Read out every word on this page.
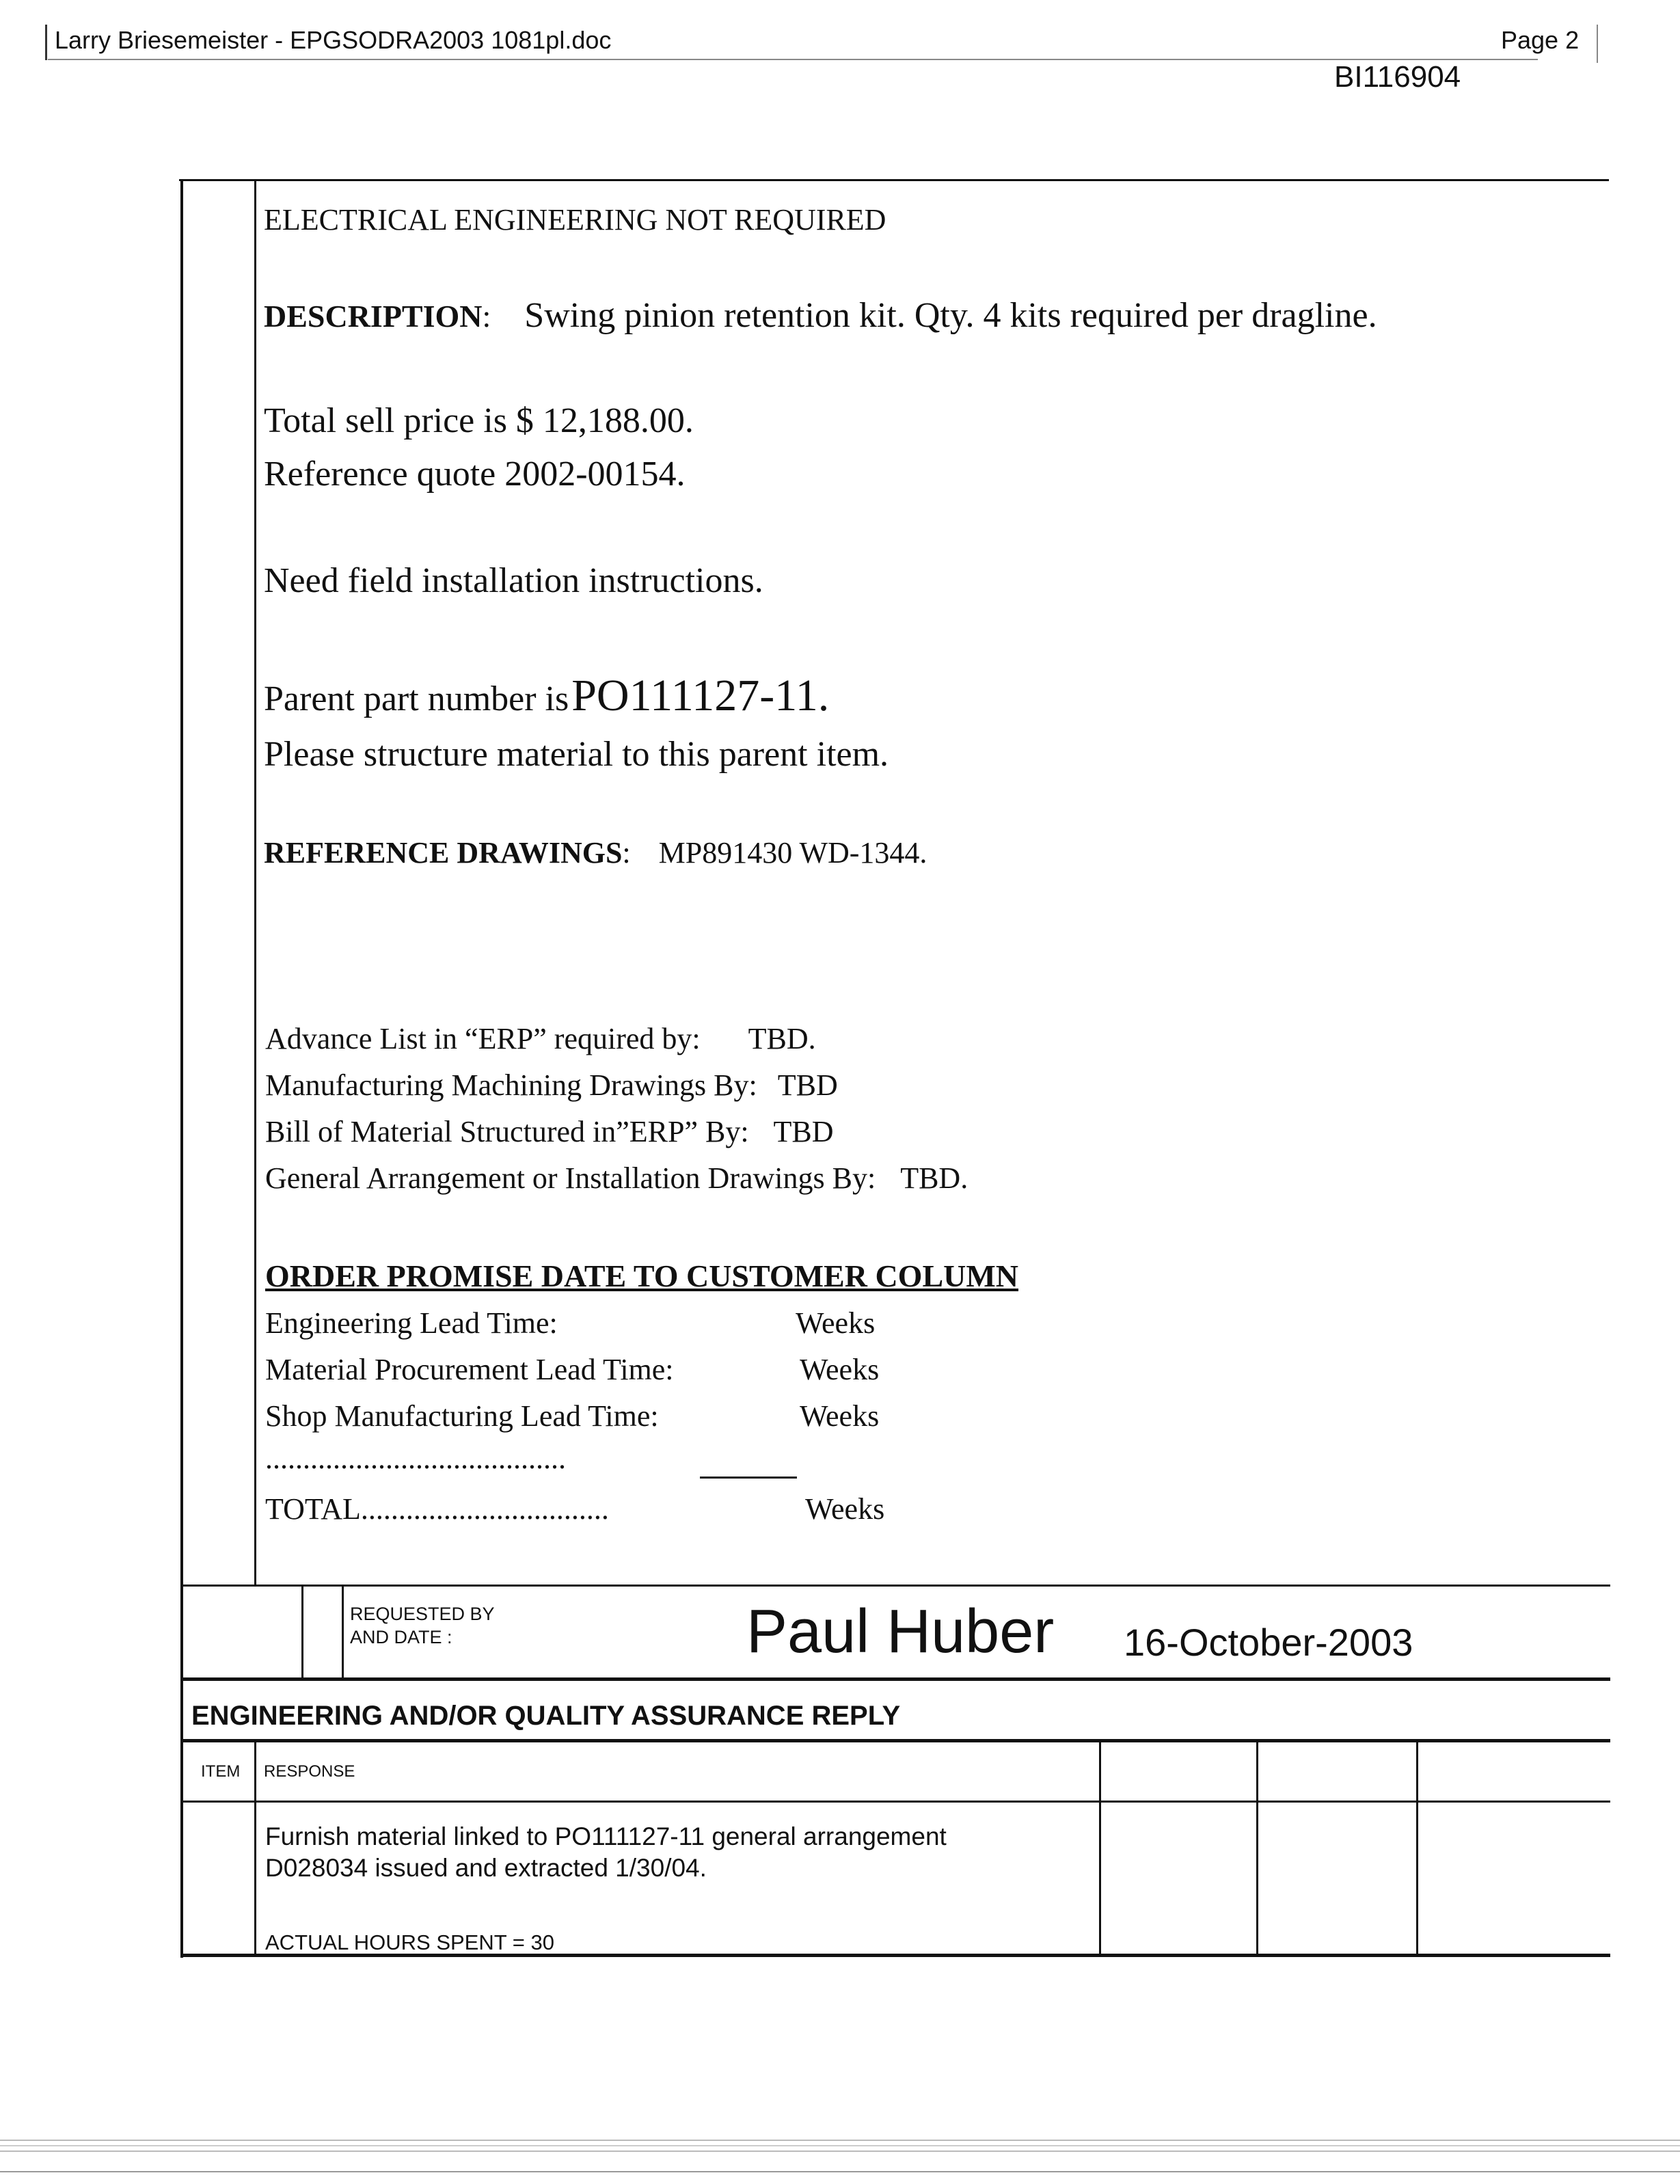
Larry Briesemeister - EPGSODRA2003 1081pl.doc	Page 2
BI116904
ELECTRICAL ENGINEERING NOT REQUIRED
DESCRIPTION: Swing pinion retention kit. Qty. 4 kits required per dragline.
Total sell price is $ 12,188.00.
Reference quote 2002-00154.
Need field installation instructions.
Parent part number is PO111127-11.
Please structure material to this parent item.
REFERENCE DRAWINGS: MP891430 WD-1344.
Advance List in “ERP” required by: TBD.
Manufacturing Machining Drawings By: TBD
Bill of Material Structured in”ERP” By: TBD
General Arrangement or Installation Drawings By: TBD.
ORDER PROMISE DATE TO CUSTOMER COLUMN
Engineering Lead Time:	Weeks
Material Procurement Lead Time:	Weeks
Shop Manufacturing Lead Time:	Weeks
........................................
TOTAL.................................	Weeks
REQUESTED BY
AND DATE :	Paul Huber 16-October-2003
ENGINEERING AND/OR QUALITY ASSURANCE REPLY
ITEM RESPONSE
Furnish material linked to PO111127-11 general arrangement
D028034 issued and extracted 1/30/04.
ACTUAL HOURS SPENT = 30
